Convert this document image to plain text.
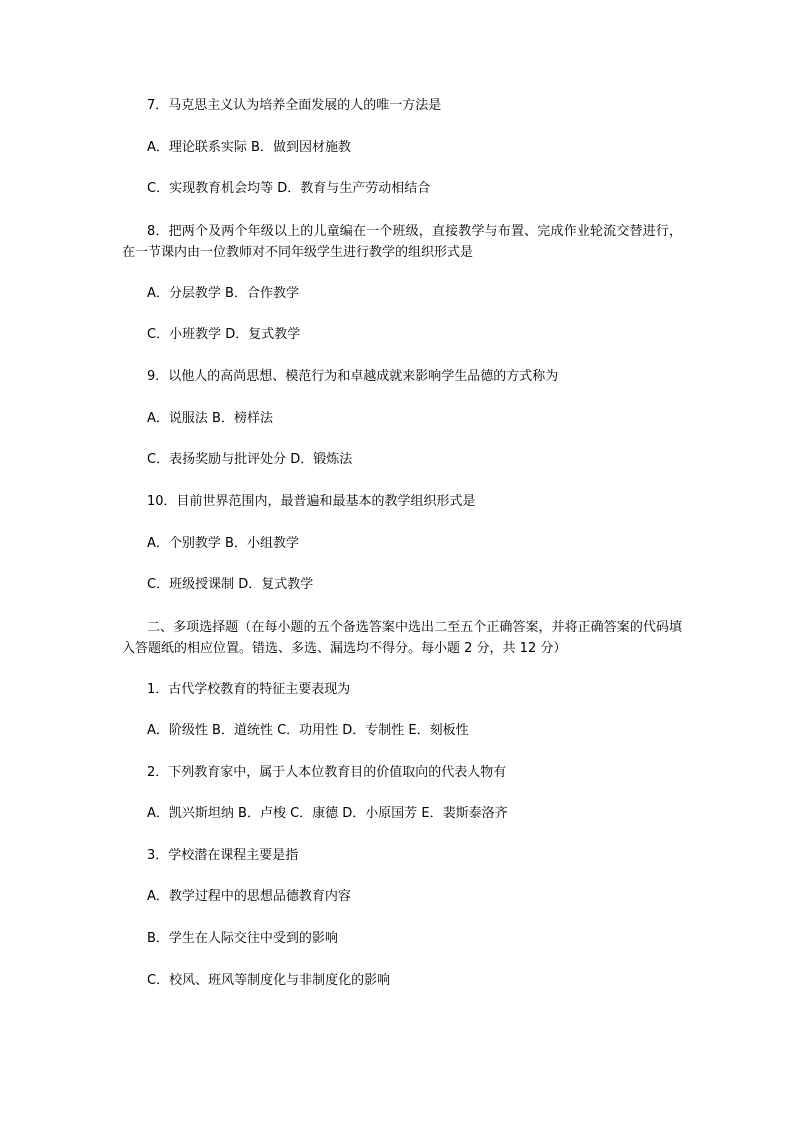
7．马克思主义认为培养全面发展的人的唯一方法是

A．理论联系实际 B．做到因材施教

C．实现教育机会均等 D．教育与生产劳动相结合

8．把两个及两个年级以上的儿童编在一个班级，直接教学与布置、完成作业轮流交替进行，在一节课内由一位教师对不同年级学生进行教学的组织形式是

A．分层教学 B．合作教学

C．小班教学 D．复式教学

9．以他人的高尚思想、模范行为和卓越成就来影响学生品德的方式称为

A．说服法 B．榜样法

C．表扬奖励与批评处分 D．锻炼法

10．目前世界范围内，最普遍和最基本的教学组织形式是

A．个别教学 B．小组教学

C．班级授课制 D．复式教学

二、多项选择题（在每小题的五个备选答案中选出二至五个正确答案，并将正确答案的代码填入答题纸的相应位置。错选、多选、漏选均不得分。每小题 2 分，共 12 分）

1．古代学校教育的特征主要表现为

A．阶级性 B．道统性 C．功用性 D．专制性 E．刻板性

2．下列教育家中，属于人本位教育目的价值取向的代表人物有

A．凯兴斯坦纳 B．卢梭 C．康德 D．小原国芳 E．裴斯泰洛齐

3．学校潜在课程主要是指

A．教学过程中的思想品德教育内容

B．学生在人际交往中受到的影响

C．校风、班风等制度化与非制度化的影响
